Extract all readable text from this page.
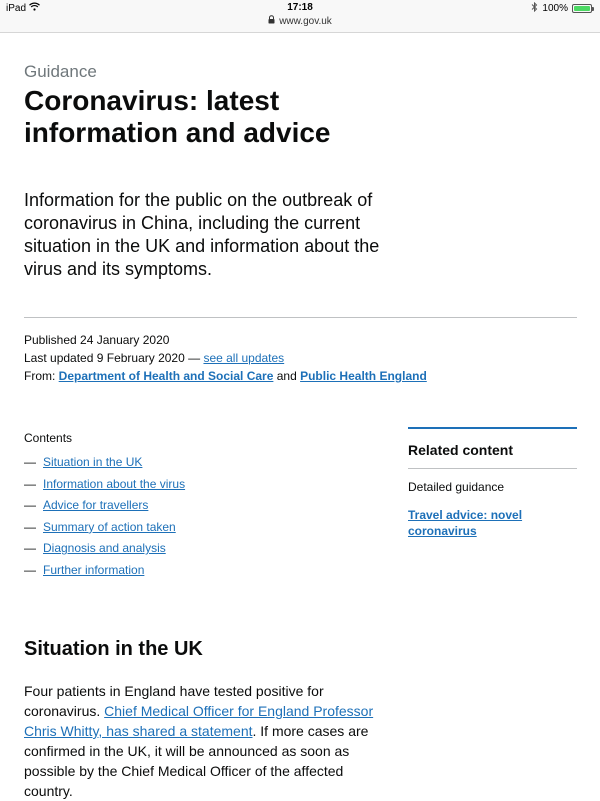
iPad	17:18	100%
www.gov.uk
Guidance
Coronavirus: latest information and advice

Information for the public on the outbreak of coronavirus in China, including the current situation in the UK and information about the virus and its symptoms.

Published 24 January 2020
Last updated 9 February 2020 — see all updates
From: Department of Health and Social Care and Public Health England
Contents
— Situation in the UK
— Information about the virus
— Advice for travellers
— Summary of action taken
— Diagnosis and analysis
— Further information
Related content
Detailed guidance
Travel advice: novel coronavirus
Situation in the UK

Four patients in England have tested positive for coronavirus. Chief Medical Officer for England Professor Chris Whitty, has shared a statement. If more cases are confirmed in the UK, it will be announced as soon as possible by the Chief Medical Officer of the affected country.
